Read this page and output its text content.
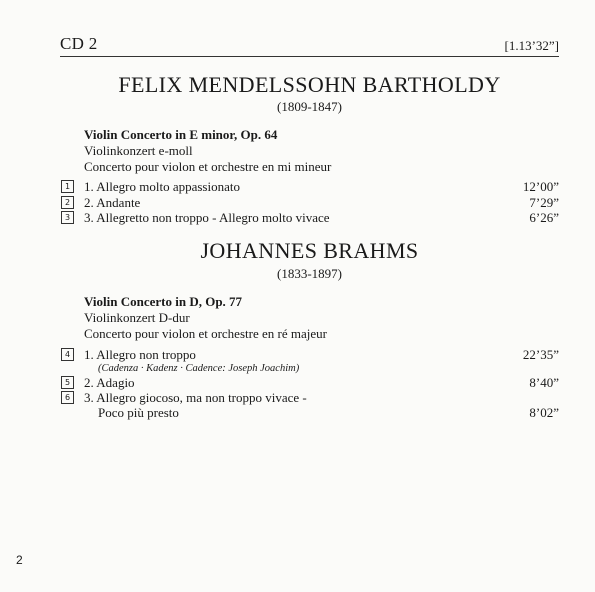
CD 2	[1.13’32”]
FELIX MENDELSSOHN BARTHOLDY
(1809-1847)
Violin Concerto in E minor, Op. 64
Violinkonzert e-moll
Concerto pour violon et orchestre en mi mineur
1	1. Allegro molto appassionato	12’00”
2	2. Andante	7’29”
3	3. Allegretto non troppo - Allegro molto vivace	6’26”
JOHANNES BRAHMS
(1833-1897)
Violin Concerto in D, Op. 77
Violinkonzert D-dur
Concerto pour violon et orchestre en ré majeur
4	1. Allegro non troppo	22’35”
(Cadenza · Kadenz · Cadence: Joseph Joachim)
5	2. Adagio	8’40”
6	3. Allegro giocoso, ma non troppo vivace -
Poco più presto	8’02”
2
